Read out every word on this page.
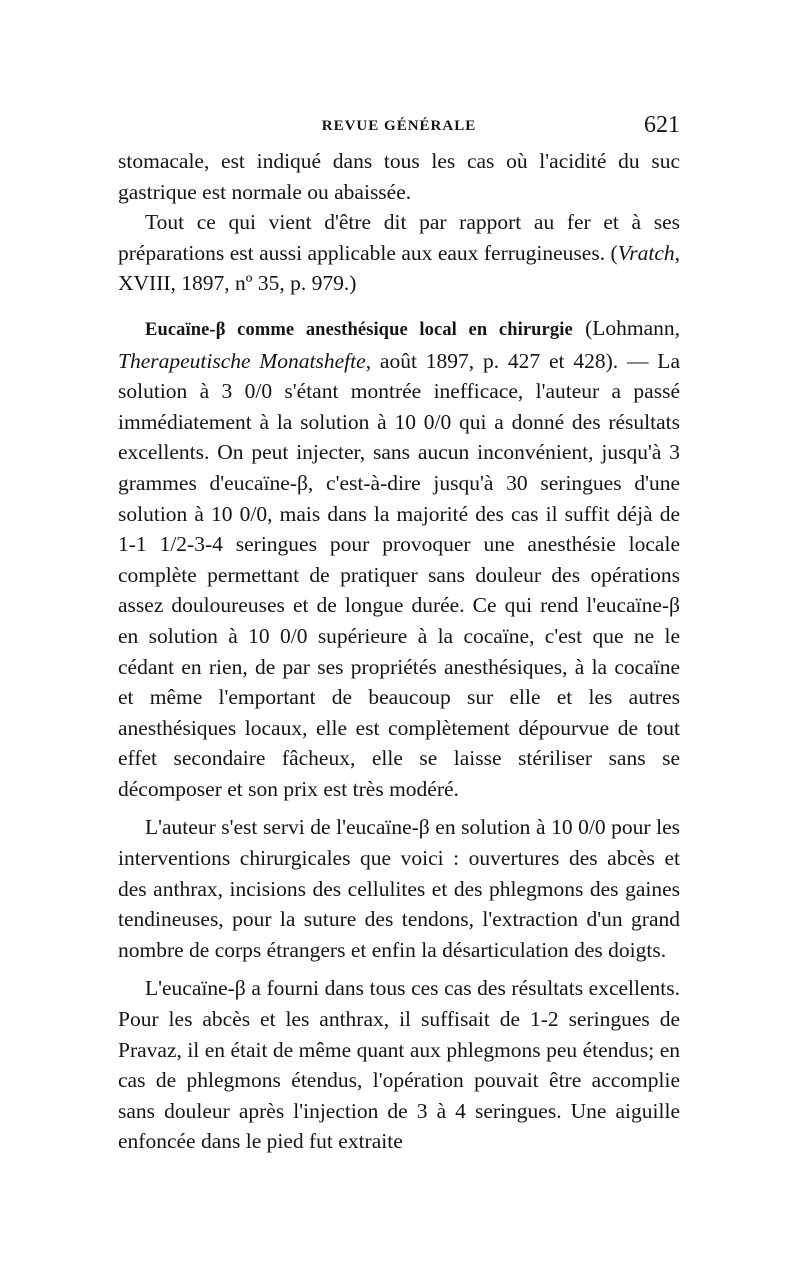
REVUE GÉNÉRALE	621

stomacale, est indiqué dans tous les cas où l'acidité du suc gastrique est normale ou abaissée.

Tout ce qui vient d'être dit par rapport au fer et à ses préparations est aussi applicable aux eaux ferrugineuses. (Vratch, XVIII, 1897, nº 35, p. 979.)

Eucaïne-β comme anesthésique local en chirurgie (Lohmann, Therapeutische Monatshefte, août 1897, p. 427 et 428). — La solution à 3 0/0 s'étant montrée inefficace, l'auteur a passé immédiatement à la solution à 10 0/0 qui a donné des résultats excellents. On peut injecter, sans aucun inconvénient, jusqu'à 3 grammes d'eucaïne-β, c'est-à-dire jusqu'à 30 seringues d'une solution à 10 0/0, mais dans la majorité des cas il suffit déjà de 1-1 1/2-3-4 seringues pour provoquer une anesthésie locale complète permettant de pratiquer sans douleur des opérations assez douloureuses et de longue durée. Ce qui rend l'eucaïne-β en solution à 10 0/0 supérieure à la cocaïne, c'est que ne le cédant en rien, de par ses propriétés anesthésiques, à la cocaïne et même l'emportant de beaucoup sur elle et les autres anesthésiques locaux, elle est complètement dépourvue de tout effet secondaire fâcheux, elle se laisse stériliser sans se décomposer et son prix est très modéré.

L'auteur s'est servi de l'eucaïne-β en solution à 10 0/0 pour les interventions chirurgicales que voici : ouvertures des abcès et des anthrax, incisions des cellulites et des phlegmons des gaines tendineuses, pour la suture des tendons, l'extraction d'un grand nombre de corps étrangers et enfin la désarticulation des doigts.

L'eucaïne-β a fourni dans tous ces cas des résultats excellents. Pour les abcès et les anthrax, il suffisait de 1-2 seringues de Pravaz, il en était de même quant aux phlegmons peu étendus; en cas de phlegmons étendus, l'opération pouvait être accomplie sans douleur après l'injection de 3 à 4 seringues. Une aiguille enfoncée dans le pied fut extraite
